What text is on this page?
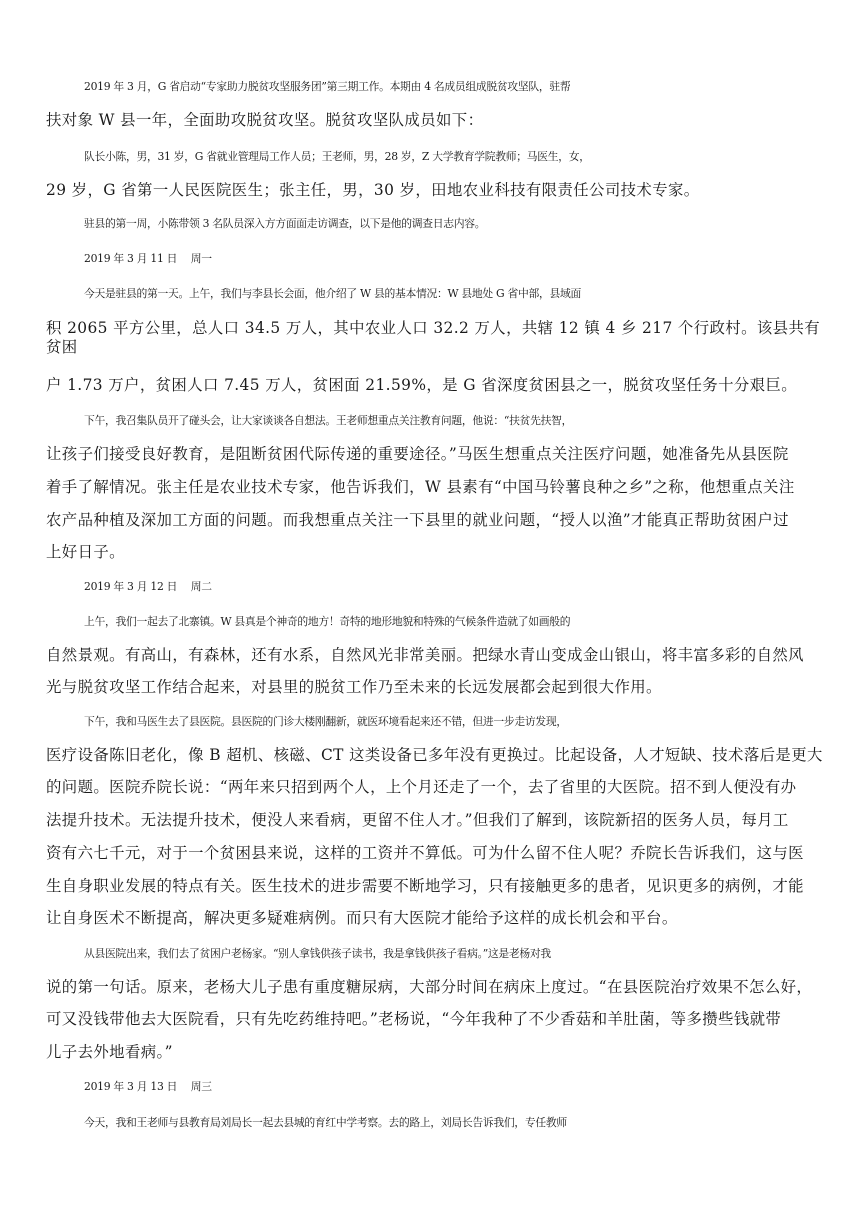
2019 年 3 月，G 省启动“专家助力脱贫攻坚服务团”第三期工作。本期由 4 名成员组成脱贫攻坚队，驻帮
扶对象 W 县一年，全面助攻脱贫攻坚。脱贫攻坚队成员如下：
队长小陈，男，31 岁，G 省就业管理局工作人员；王老师，男，28 岁，Z 大学教育学院教师；马医生，女，
29 岁，G 省第一人民医院医生；张主任，男，30 岁，田地农业科技有限责任公司技术专家。
驻县的第一周，小陈带领 3 名队员深入方方面面走访调查，以下是他的调查日志内容。
2019 年 3 月 11 日　 周一
今天是驻县的第一天。上午，我们与李县长会面，他介绍了 W 县的基本情况：W 县地处 G 省中部，县域面
积 2065 平方公里，总人口 34.5 万人，其中农业人口 32.2 万人，共辖 12 镇 4 乡 217 个行政村。该县共有
贫困
户 1.73 万户，贫困人口 7.45 万人，贫困面 21.59%，是 G 省深度贫困县之一，脱贫攻坚任务十分艰巨。
下午，我召集队员开了碰头会，让大家谈谈各自想法。王老师想重点关注教育问题，他说：“扶贫先扶智，
让孩子们接受良好教育，是阻断贫困代际传递的重要途径。”马医生想重点关注医疗问题，她准备先从县医院
着手了解情况。张主任是农业技术专家，他告诉我们，W 县素有“中国马铃薯良种之乡”之称，他想重点关注
农产品种植及深加工方面的问题。而我想重点关注一下县里的就业问题，“授人以渔”才能真正帮助贫困户过
上好日子。
2019 年 3 月 12 日　 周二
上午，我们一起去了北寨镇。W 县真是个神奇的地方！奇特的地形地貌和特殊的气候条件造就了如画般的
自然景观。有高山，有森林，还有水系，自然风光非常美丽。把绿水青山变成金山银山，将丰富多彩的自然风
光与脱贫攻坚工作结合起来，对县里的脱贫工作乃至未来的长远发展都会起到很大作用。
下午，我和马医生去了县医院。县医院的门诊大楼刚翻新，就医环境看起来还不错，但进一步走访发现，
医疗设备陈旧老化，像 B 超机、核磁、CT 这类设备已多年没有更换过。比起设备，人才短缺、技术落后是更大
的问题。医院乔院长说：“两年来只招到两个人，上个月还走了一个，去了省里的大医院。招不到人便没有办
法提升技术。无法提升技术，便没人来看病，更留不住人才。”但我们了解到，该院新招的医务人员，每月工
资有六七千元，对于一个贫困县来说，这样的工资并不算低。可为什么留不住人呢？乔院长告诉我们，这与医
生自身职业发展的特点有关。医生技术的进步需要不断地学习，只有接触更多的患者，见识更多的病例，才能
让自身医术不断提高，解决更多疑难病例。而只有大医院才能给予这样的成长机会和平台。
从县医院出来，我们去了贫困户老杨家。“别人拿钱供孩子读书，我是拿钱供孩子看病。”这是老杨对我
说的第一句话。原来，老杨大儿子患有重度糖尿病，大部分时间在病床上度过。“在县医院治疗效果不怎么好，
可又没钱带他去大医院看，只有先吃药维持吧。”老杨说，“今年我种了不少香菇和羊肚菌，等多攒些钱就带
儿子去外地看病。”
2019 年 3 月 13 日　 周三
今天，我和王老师与县教育局刘局长一起去县城的育红中学考察。去的路上，刘局长告诉我们，专任教师
